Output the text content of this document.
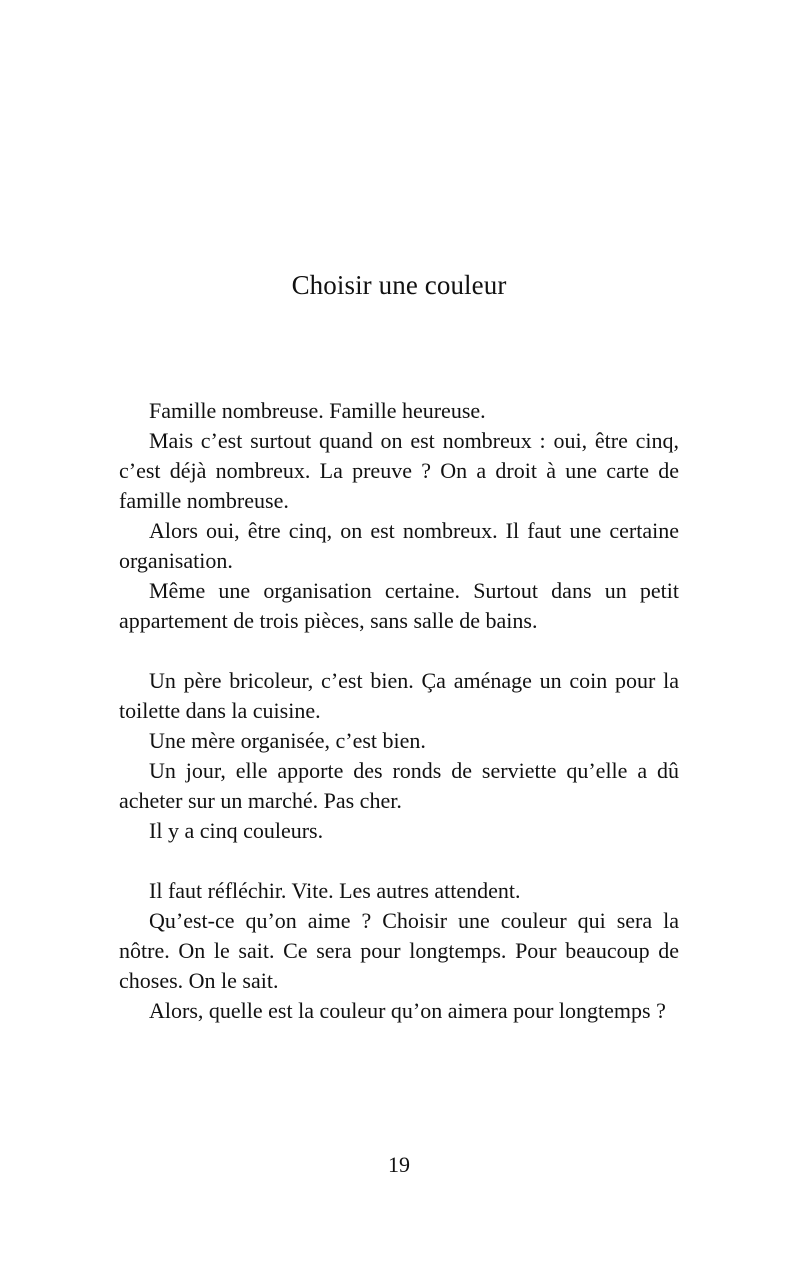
Choisir une couleur

Famille nombreuse. Famille heureuse.

Mais c’est surtout quand on est nombreux : oui, être cinq, c’est déjà nombreux. La preuve ? On a droit à une carte de famille nombreuse.

Alors oui, être cinq, on est nombreux. Il faut une certaine organisation.

Même une organisation certaine. Surtout dans un petit appartement de trois pièces, sans salle de bains.

Un père bricoleur, c’est bien. Ça aménage un coin pour la toilette dans la cuisine.

Une mère organisée, c’est bien.

Un jour, elle apporte des ronds de serviette qu’elle a dû acheter sur un marché. Pas cher.

Il y a cinq couleurs.

Il faut réfléchir. Vite. Les autres attendent.

Qu’est-ce qu’on aime ? Choisir une couleur qui sera la nôtre. On le sait. Ce sera pour longtemps. Pour beaucoup de choses. On le sait.

Alors, quelle est la couleur qu’on aimera pour longtemps ?

19
